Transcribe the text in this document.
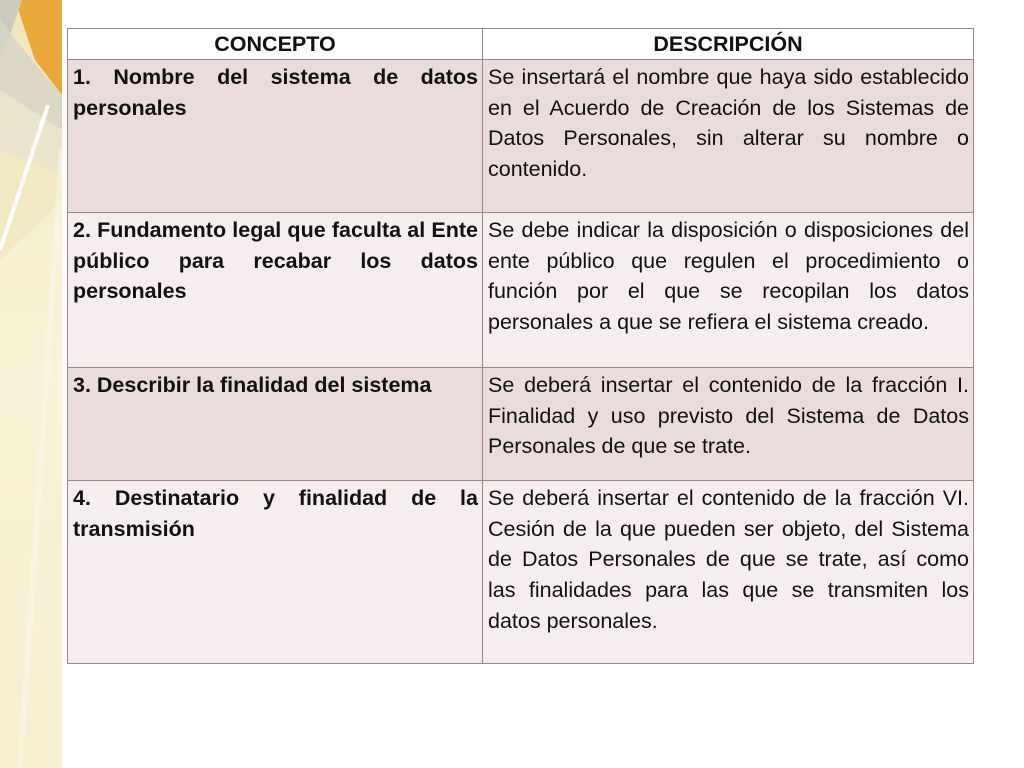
CONCEPTO	DESCRIPCIÓN
1. Nombre del sistema de datos personales	Se insertará el nombre que haya sido establecido en el Acuerdo de Creación de los Sistemas de Datos Personales, sin alterar su nombre o contenido.
2. Fundamento legal que faculta al Ente público para recabar los datos personales	Se debe indicar la disposición o disposiciones del ente público que regulen el procedimiento o función por el que se recopilan los datos personales a que se refiera el sistema creado.
3. Describir la finalidad del sistema	Se deberá insertar el contenido de la fracción I. Finalidad y uso previsto del Sistema de Datos Personales de que se trate.
4. Destinatario y finalidad de la transmisión	Se deberá insertar el contenido de la fracción VI. Cesión de la que pueden ser objeto, del Sistema de Datos Personales de que se trate, así como las finalidades para las que se transmiten los datos personales.
